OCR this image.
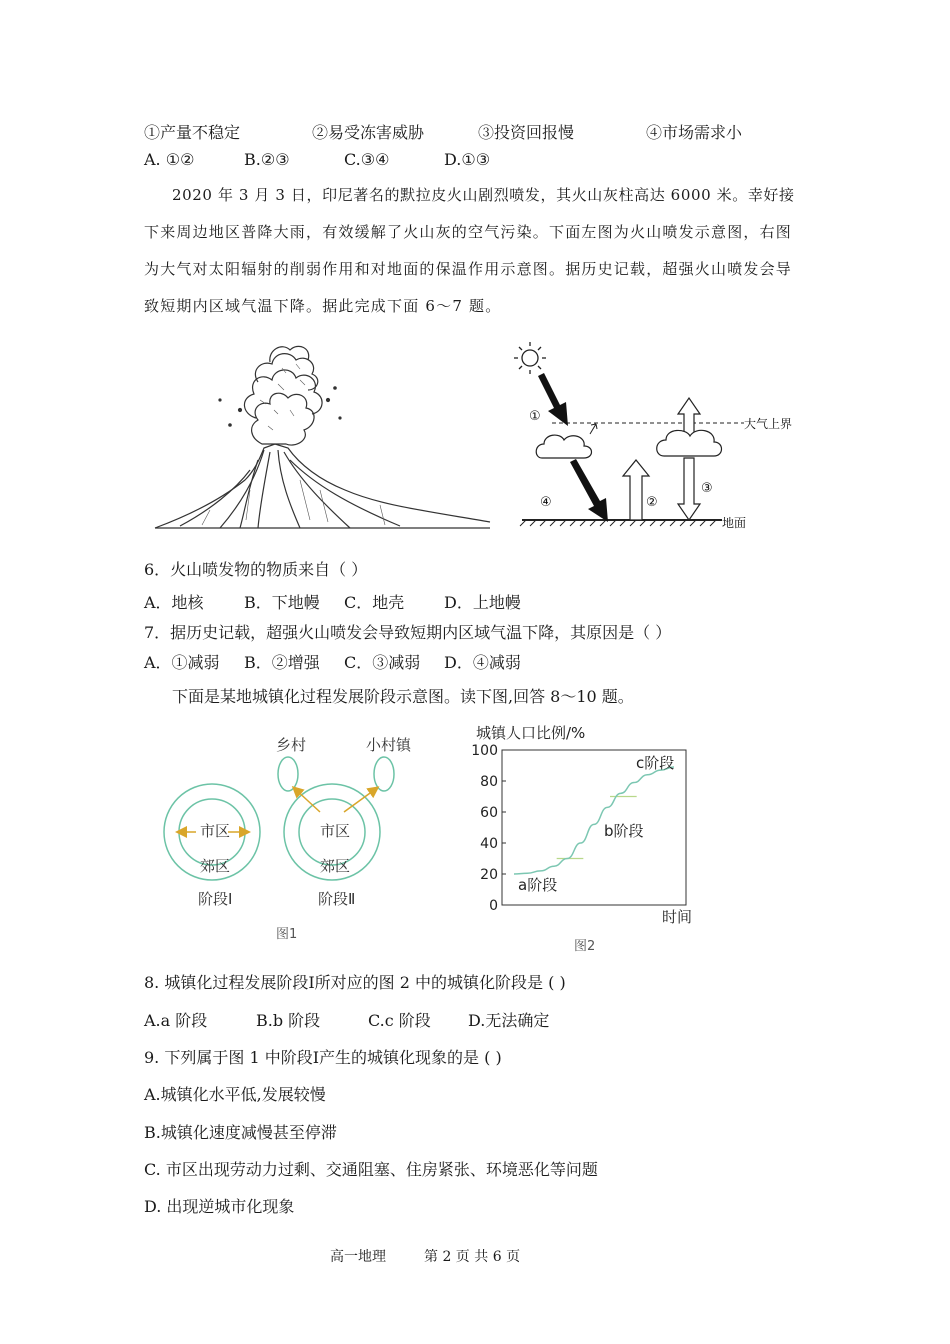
①产量不稳定	②易受冻害威胁	③投资回报慢	④市场需求小
A. ①②	B.②③	C.③④	D.①③
2020 年 3 月 3 日，印尼著名的默拉皮火山剧烈喷发，其火山灰柱高达 6000 米。幸好接
下来周边地区普降大雨，有效缓解了火山灰的空气污染。下面左图为火山喷发示意图，右图
为大气对太阳辐射的削弱作用和对地面的保温作用示意图。据历史记载，超强火山喷发会导
致短期内区域气温下降。据此完成下面 6～7 题。
大气上界
地面
①
④	②
③
6．火山喷发物的物质来自（ ）
A．地核	B．下地幔 C．地壳 D．上地幔
7．据历史记载，超强火山喷发会导致短期内区域气温下降，其原因是（ ）
A．①减弱 B．②增强 C．③减弱 D．④减弱
下面是某地城镇化过程发展阶段示意图。读下图,回答 8～10 题。
乡村	小村镇
市区
郊区
市区
郊区
阶段Ⅰ	阶段Ⅱ
图1
城镇人口比例/%
0
20
40
60
80
100
a阶段
b阶段
c阶段
时间
图2
8. 城镇化过程发展阶段Ⅰ所对应的图 2 中的城镇化阶段是 ( )
A.a 阶段	B.b 阶段	C.c 阶段 D.无法确定
9. 下列属于图 1 中阶段Ⅰ产生的城镇化现象的是 ( )
A.城镇化水平低,发展较慢
B.城镇化速度减慢甚至停滞
C. 市区出现劳动力过剩、交通阻塞、住房紧张、环境恶化等问题
D. 出现逆城市化现象
高一地理	第 2 页 共 6 页
